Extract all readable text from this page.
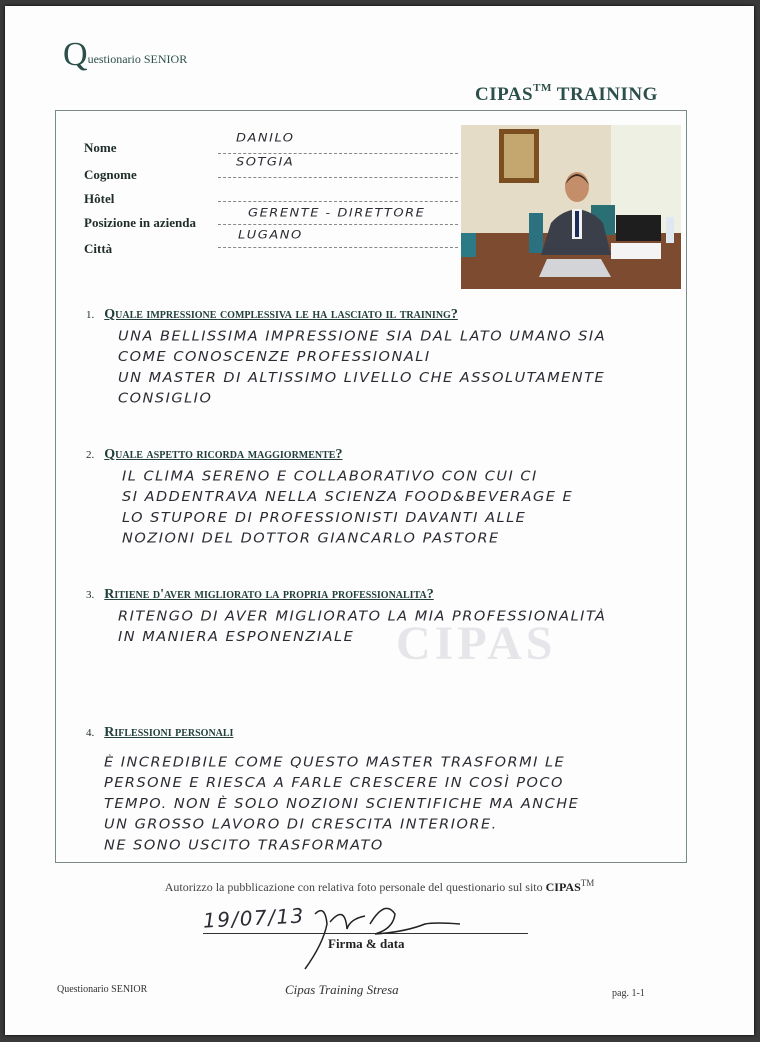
Questionario SENIOR
CIPAS™ TRAINING
Nome
DANILO
Cognome
SOTGIA
Hôtel
Posizione in azienda
GERENTE - DIRETTORE
Città
LUGANO
1. Quale impressione complessiva le ha lasciato il training?
UNA BELLISSIMA IMPRESSIONE SIA DAL LATO UMANO SIA
COME CONOSCENZE PROFESSIONALI
UN MASTER DI ALTISSIMO LIVELLO CHE ASSOLUTAMENTE
CONSIGLIO
2. Quale aspetto ricorda maggiormente?
IL CLIMA SERENO E COLLABORATIVO CON CUI CI
SI ADDENTRAVA NELLA SCIENZA FOOD&BEVERAGE E
LO STUPORE DI PROFESSIONISTI DAVANTI ALLE
NOZIONI DEL DOTTOR GIANCARLO PASTORE
3. Ritiene d'aver migliorato la propria professionalita?
RITENGO DI AVER MIGLIORATO LA MIA PROFESSIONALITÀ
IN MANIERA ESPONENZIALE
4. Riflessioni personali
È INCREDIBILE COME QUESTO MASTER TRASFORMI LE
PERSONE E RIESCA A FARLE CRESCERE IN COSÌ POCO
TEMPO. NON È SOLO NOZIONI SCIENTIFICHE MA ANCHE
UN GROSSO LAVORO DI CRESCITA INTERIORE.
NE SONO USCITO TRASFORMATO
CIPAS
Autorizzo la pubblicazione con relativa foto personale del questionario sul sito CIPAS™
19/07/13
Firma & data
Questionario SENIOR	Cipas Training Stresa	pag. 1-1
